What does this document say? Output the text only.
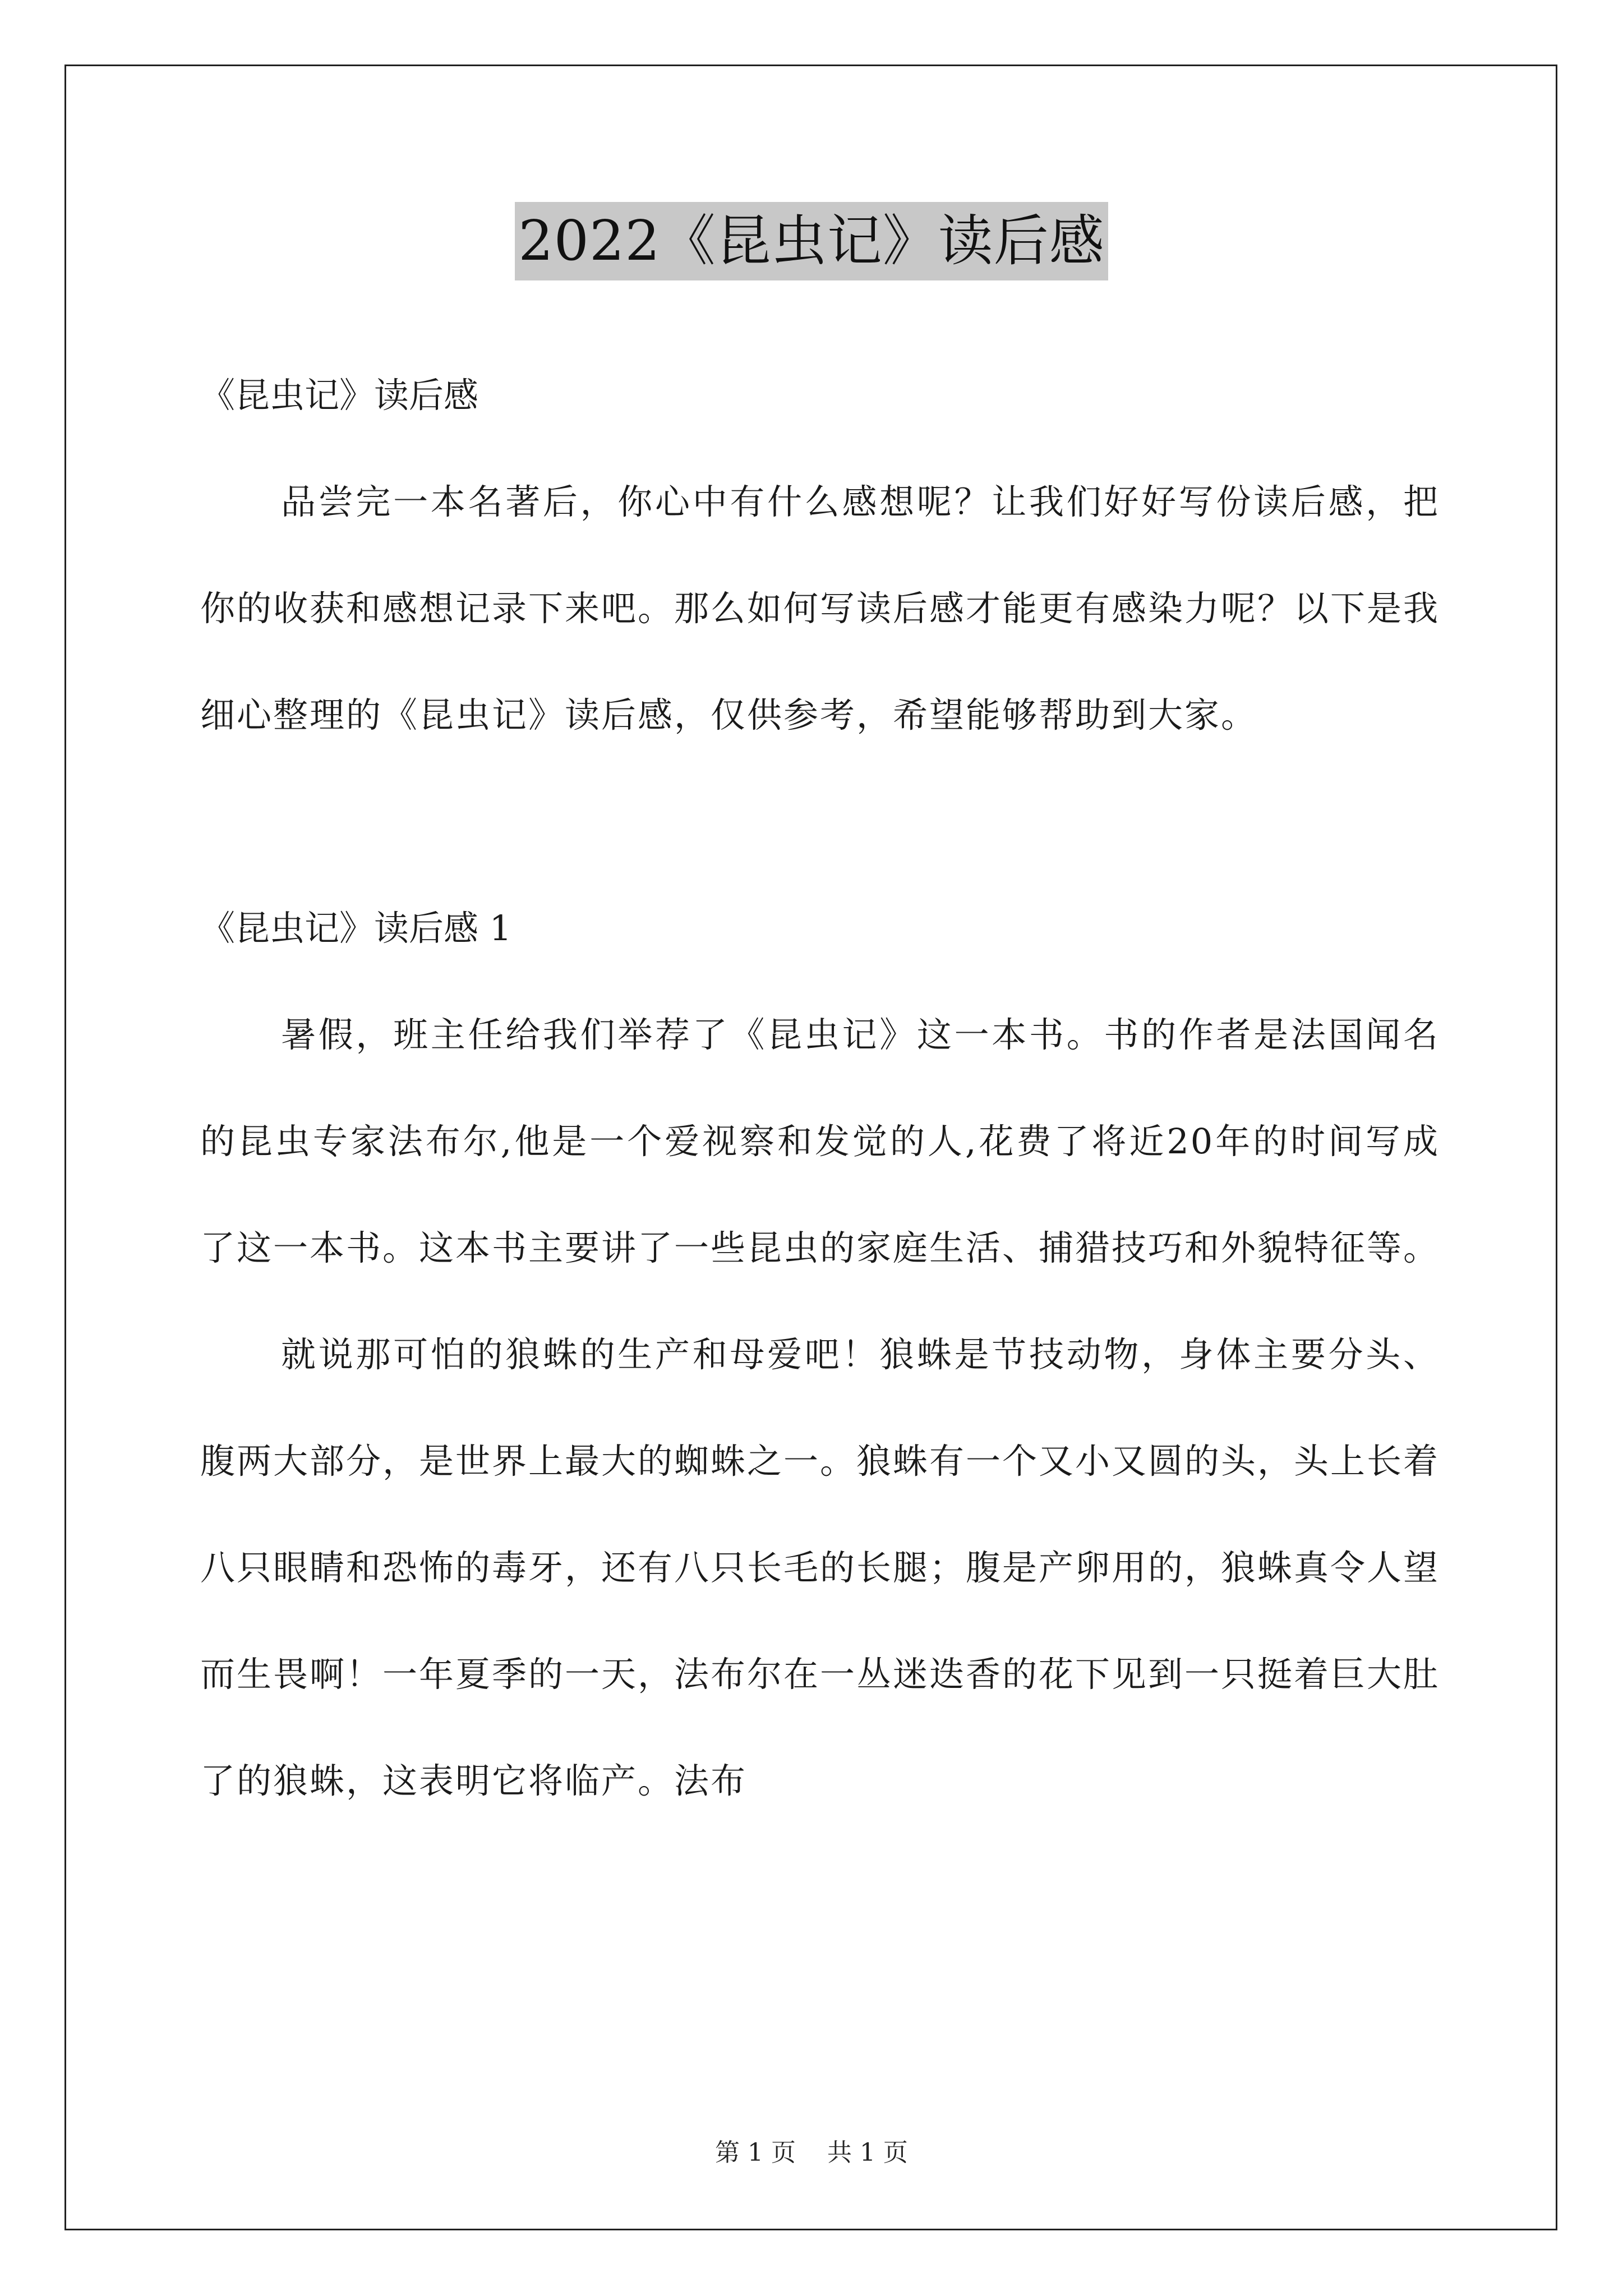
2022《昆虫记》读后感

《昆虫记》读后感

品尝完一本名著后，你心中有什么感想呢？让我们好好写份读后感，把你的收获和感想记录下来吧。那么如何写读后感才能更有感染力呢？以下是我细心整理的《昆虫记》读后感，仅供参考，希望能够帮助到大家。

《昆虫记》读后感 1

暑假，班主任给我们举荐了《昆虫记》这一本书。书的作者是法国闻名的昆虫专家法布尔,他是一个爱视察和发觉的人,花费了将近20年的时间写成了这一本书。这本书主要讲了一些昆虫的家庭生活、捕猎技巧和外貌特征等。

就说那可怕的狼蛛的生产和母爱吧！狼蛛是节技动物，身体主要分头、腹两大部分，是世界上最大的蜘蛛之一。狼蛛有一个又小又圆的头，头上长着八只眼睛和恐怖的毒牙，还有八只长毛的长腿；腹是产卵用的，狼蛛真令人望而生畏啊！一年夏季的一天，法布尔在一丛迷迭香的花下见到一只挺着巨大肚了的狼蛛，这表明它将临产。法布

第 1 页    共 1 页
